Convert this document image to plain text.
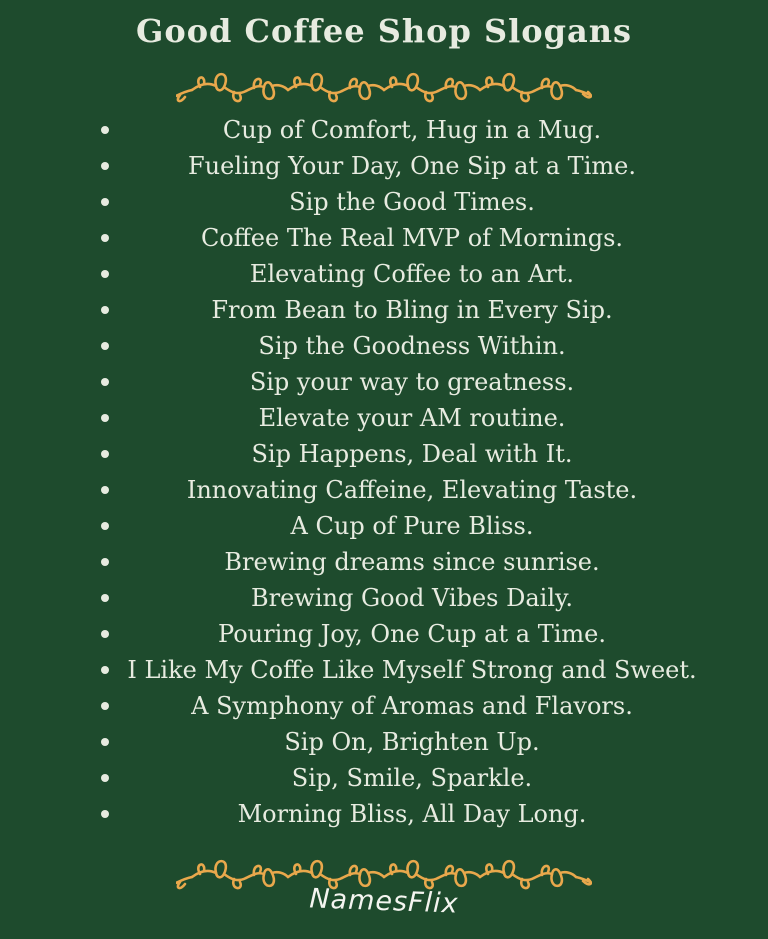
Good Coffee Shop Slogans
Cup of Comfort, Hug in a Mug.
Fueling Your Day, One Sip at a Time.
Sip the Good Times.
Coffee The Real MVP of Mornings.
Elevating Coffee to an Art.
From Bean to Bling in Every Sip.
Sip the Goodness Within.
Sip your way to greatness.
Elevate your AM routine.
Sip Happens, Deal with It.
Innovating Caffeine, Elevating Taste.
A Cup of Pure Bliss.
Brewing dreams since sunrise.
Brewing Good Vibes Daily.
Pouring Joy, One Cup at a Time.
I Like My Coffe Like Myself Strong and Sweet.
A Symphony of Aromas and Flavors.
Sip On, Brighten Up.
Sip, Smile, Sparkle.
Morning Bliss, All Day Long.
NamesFlix
